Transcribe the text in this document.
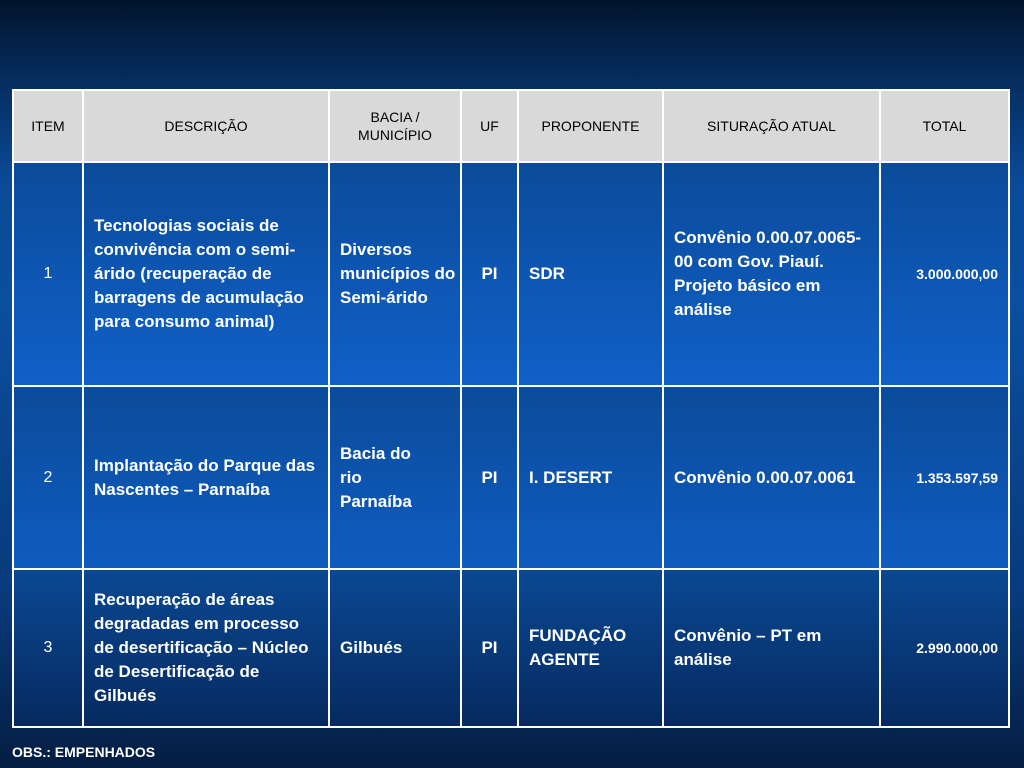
ITEM	DESCRIÇÃO	BACIA / MUNICÍPIO	UF	PROPONENTE	SITURAÇÃO ATUAL	TOTAL
1	Tecnologias sociais de convivência com o semi-árido (recuperação de barragens de acumulação para consumo animal)	Diversos municípios do Semi-árido	PI	SDR	Convênio 0.00.07.0065-00 com Gov. Piauí. Projeto básico em análise	3.000.000,00
2	Implantação do Parque das Nascentes – Parnaíba	Bacia do rio Parnaíba	PI	I. DESERT	Convênio 0.00.07.0061	1.353.597,59
3	Recuperação de áreas degradadas em processo de desertificação – Núcleo de Desertificação de Gilbués	Gilbués	PI	FUNDAÇÃO AGENTE	Convênio – PT em análise	2.990.000,00
OBS.: EMPENHADOS
